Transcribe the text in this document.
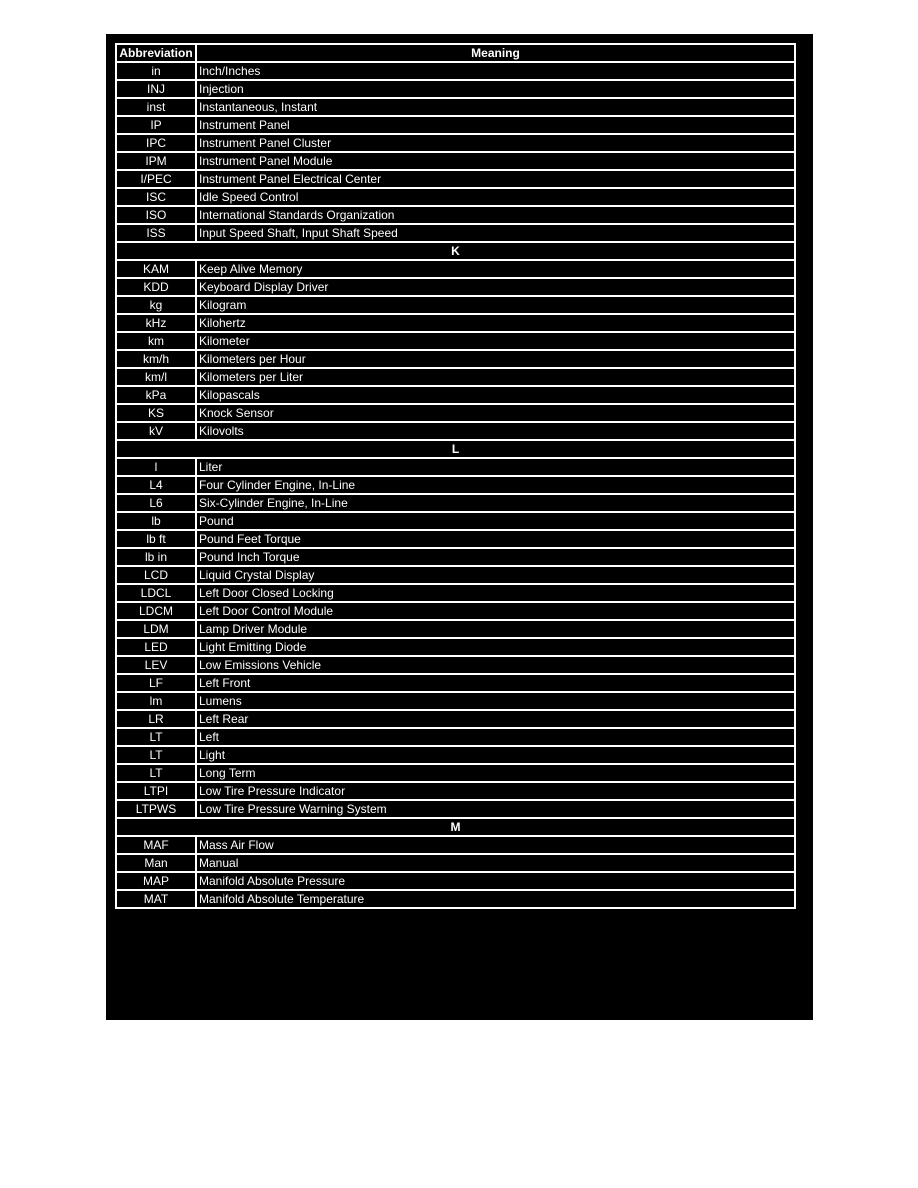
Abbreviation	Meaning
in	Inch/Inches
INJ	Injection
inst	Instantaneous, Instant
IP	Instrument Panel
IPC	Instrument Panel Cluster
IPM	Instrument Panel Module
I/PEC	Instrument Panel Electrical Center
ISC	Idle Speed Control
ISO	International Standards Organization
ISS	Input Speed Shaft, Input Shaft Speed
K	
KAM	Keep Alive Memory
KDD	Keyboard Display Driver
kg	Kilogram
kHz	Kilohertz
km	Kilometer
km/h	Kilometers per Hour
km/l	Kilometers per Liter
kPa	Kilopascals
KS	Knock Sensor
kV	Kilovolts
L	
l	Liter
L4	Four Cylinder Engine, In-Line
L6	Six-Cylinder Engine, In-Line
lb	Pound
lb ft	Pound Feet Torque
lb in	Pound Inch Torque
LCD	Liquid Crystal Display
LDCL	Left Door Closed Locking
LDCM	Left Door Control Module
LDM	Lamp Driver Module
LED	Light Emitting Diode
LEV	Low Emissions Vehicle
LF	Left Front
lm	Lumens
LR	Left Rear
LT	Left
LT	Light
LT	Long Term
LTPI	Low Tire Pressure Indicator
LTPWS	Low Tire Pressure Warning System
M	
MAF	Mass Air Flow
Man	Manual
MAP	Manifold Absolute Pressure
MAT	Manifold Absolute Temperature
